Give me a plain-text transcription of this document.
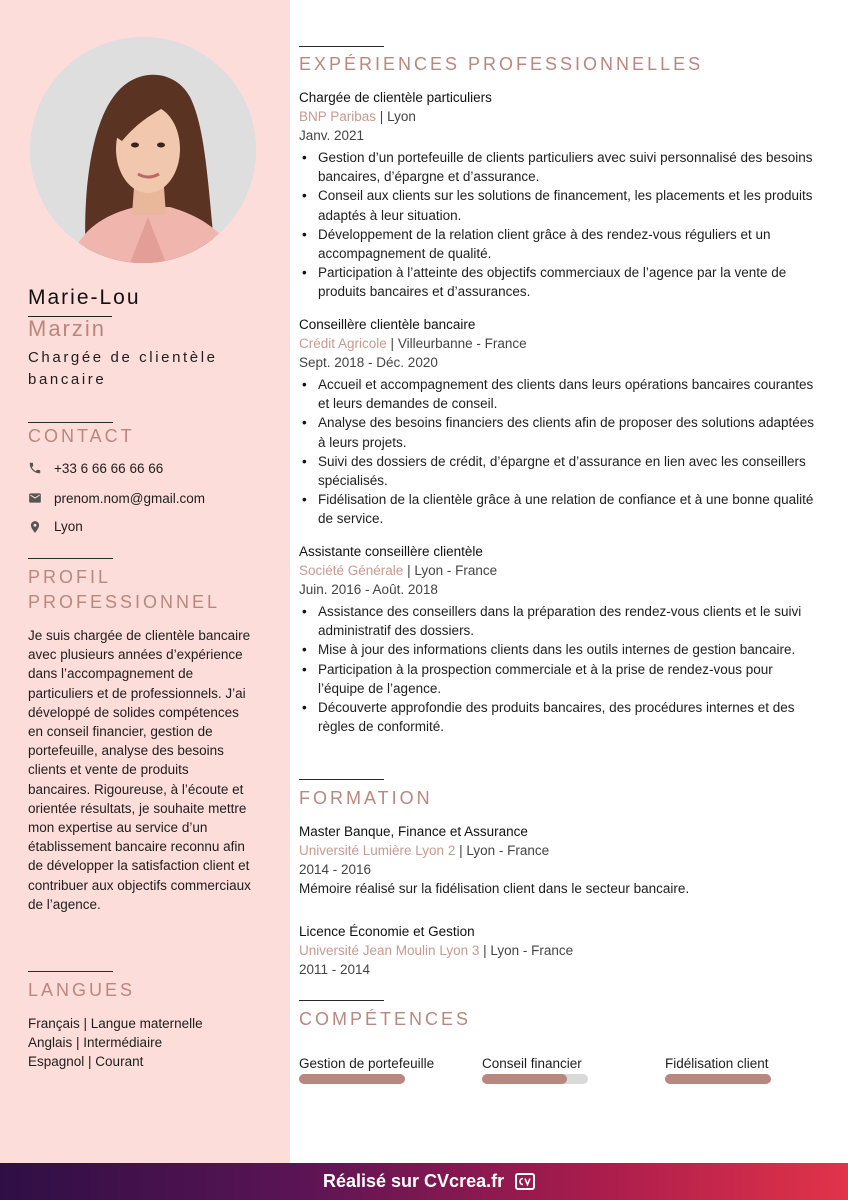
Marie-Lou
Marzin
Chargée de clientèle bancaire
CONTACT
+33 6 66 66 66 66
prenom.nom@gmail.com
Lyon
PROFIL
PROFESSIONNEL
Je suis chargée de clientèle bancaire avec plusieurs années d’expérience dans l’accompagnement de particuliers et de professionnels. J’ai développé de solides compétences en conseil financier, gestion de portefeuille, analyse des besoins clients et vente de produits bancaires. Rigoureuse, à l’écoute et orientée résultats, je souhaite mettre mon expertise au service d’un établissement bancaire reconnu afin de développer la satisfaction client et contribuer aux objectifs commerciaux de l’agence.
LANGUES
Français | Langue maternelle
Anglais | Intermédiaire
Espagnol | Courant
EXPÉRIENCES PROFESSIONNELLES
Chargée de clientèle particuliers
BNP Paribas | Lyon
Janv. 2021
• Gestion d’un portefeuille de clients particuliers avec suivi personnalisé des besoins bancaires, d’épargne et d’assurance.
• Conseil aux clients sur les solutions de financement, les placements et les produits adaptés à leur situation.
• Développement de la relation client grâce à des rendez-vous réguliers et un accompagnement de qualité.
• Participation à l’atteinte des objectifs commerciaux de l’agence par la vente de produits bancaires et d’assurances.
Conseillère clientèle bancaire
Crédit Agricole | Villeurbanne - France
Sept. 2018 - Déc. 2020
• Accueil et accompagnement des clients dans leurs opérations bancaires courantes et leurs demandes de conseil.
• Analyse des besoins financiers des clients afin de proposer des solutions adaptées à leurs projets.
• Suivi des dossiers de crédit, d’épargne et d’assurance en lien avec les conseillers spécialisés.
• Fidélisation de la clientèle grâce à une relation de confiance et à une bonne qualité de service.
Assistante conseillère clientèle
Société Générale | Lyon - France
Juin. 2016 - Août. 2018
• Assistance des conseillers dans la préparation des rendez-vous clients et le suivi administratif des dossiers.
• Mise à jour des informations clients dans les outils internes de gestion bancaire.
• Participation à la prospection commerciale et à la prise de rendez-vous pour l’équipe de l’agence.
• Découverte approfondie des produits bancaires, des procédures internes et des règles de conformité.
FORMATION
Master Banque, Finance et Assurance
Université Lumière Lyon 2 | Lyon - France
2014 - 2016
Mémoire réalisé sur la fidélisation client dans le secteur bancaire.
Licence Économie et Gestion
Université Jean Moulin Lyon 3 | Lyon - France
2011 - 2014
COMPÉTENCES
Gestion de portefeuille	Conseil financier	Fidélisation client
Réalisé sur CVcrea.fr
